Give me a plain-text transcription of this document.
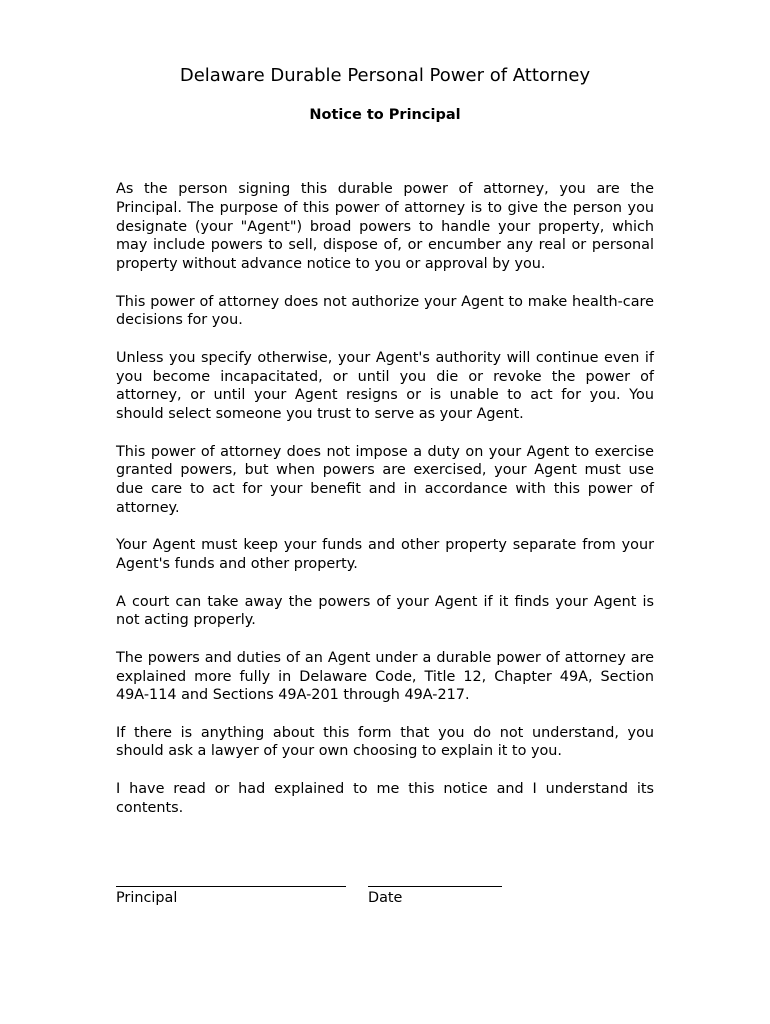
Delaware Durable Personal Power of Attorney
Notice to Principal

As the person signing this durable power of attorney, you are the Principal. The purpose of this power of attorney is to give the person you designate (your "Agent") broad powers to handle your property, which may include powers to sell, dispose of, or encumber any real or personal property without advance notice to you or approval by you.

This power of attorney does not authorize your Agent to make health-care decisions for you.

Unless you specify otherwise, your Agent's authority will continue even if you become incapacitated, or until you die or revoke the power of attorney, or until your Agent resigns or is unable to act for you. You should select someone you trust to serve as your Agent.

This power of attorney does not impose a duty on your Agent to exercise granted powers, but when powers are exercised, your Agent must use due care to act for your benefit and in accordance with this power of attorney.

Your Agent must keep your funds and other property separate from your Agent's funds and other property.

A court can take away the powers of your Agent if it finds your Agent is not acting properly.

The powers and duties of an Agent under a durable power of attorney are explained more fully in Delaware Code, Title 12, Chapter 49A, Section 49A-114 and Sections 49A-201 through 49A-217.

If there is anything about this form that you do not understand, you should ask a lawyer of your own choosing to explain it to you.

I have read or had explained to me this notice and I understand its contents.

Principal	Date
